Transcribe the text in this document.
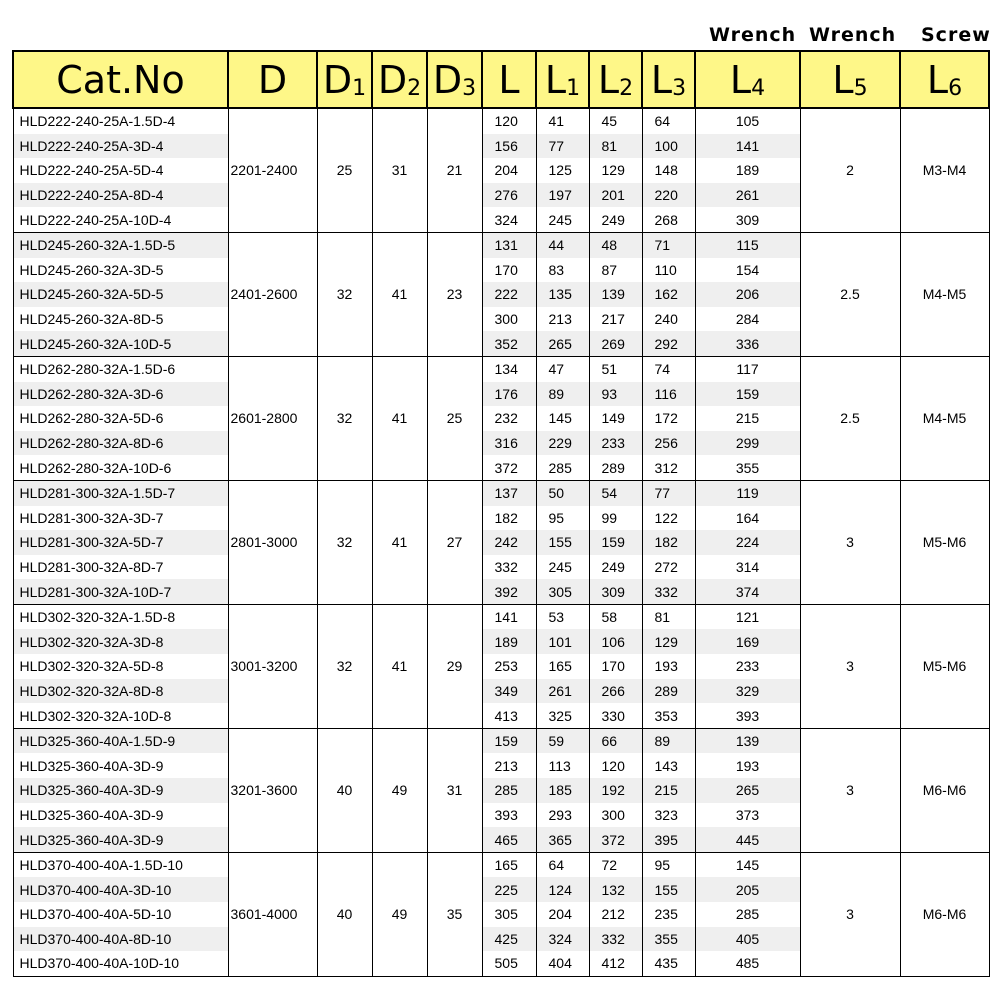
Wrench Wrench Screw
Cat.No	D	$D_1$	$D_2$	$D_3$	L	$L_1$	$L_2$	$L_3$	$L_4$	$L_5$	$L_6$
HLD222-240-25A-1.5D-4	2201-2400	25	31	21	120	41	45	64	105	2	M3-M4
HLD222-240-25A-3D-4					156	77	81	100	141		
HLD222-240-25A-5D-4					204	125	129	148	189		
HLD222-240-25A-8D-4					276	197	201	220	261		
HLD222-240-25A-10D-4					324	245	249	268	309		
HLD245-260-32A-1.5D-5	2401-2600	32	41	23	131	44	48	71	115	2.5	M4-M5
HLD245-260-32A-3D-5					170	83	87	110	154		
HLD245-260-32A-5D-5					222	135	139	162	206		
HLD245-260-32A-8D-5					300	213	217	240	284		
HLD245-260-32A-10D-5					352	265	269	292	336		
HLD262-280-32A-1.5D-6	2601-2800	32	41	25	134	47	51	74	117	2.5	M4-M5
HLD262-280-32A-3D-6					176	89	93	116	159		
HLD262-280-32A-5D-6					232	145	149	172	215		
HLD262-280-32A-8D-6					316	229	233	256	299		
HLD262-280-32A-10D-6					372	285	289	312	355		
HLD281-300-32A-1.5D-7	2801-3000	32	41	27	137	50	54	77	119	3	M5-M6
HLD281-300-32A-3D-7					182	95	99	122	164		
HLD281-300-32A-5D-7					242	155	159	182	224		
HLD281-300-32A-8D-7					332	245	249	272	314		
HLD281-300-32A-10D-7					392	305	309	332	374		
HLD302-320-32A-1.5D-8	3001-3200	32	41	29	141	53	58	81	121	3	M5-M6
HLD302-320-32A-3D-8					189	101	106	129	169		
HLD302-320-32A-5D-8					253	165	170	193	233		
HLD302-320-32A-8D-8					349	261	266	289	329		
HLD302-320-32A-10D-8					413	325	330	353	393		
HLD325-360-40A-1.5D-9	3201-3600	40	49	31	159	59	66	89	139	3	M6-M6
HLD325-360-40A-3D-9					213	113	120	143	193		
HLD325-360-40A-3D-9					285	185	192	215	265		
HLD325-360-40A-3D-9					393	293	300	323	373		
HLD325-360-40A-3D-9					465	365	372	395	445		
HLD370-400-40A-1.5D-10	3601-4000	40	49	35	165	64	72	95	145	3	M6-M6
HLD370-400-40A-3D-10					225	124	132	155	205		
HLD370-400-40A-5D-10					305	204	212	235	285		
HLD370-400-40A-8D-10					425	324	332	355	405		
HLD370-400-40A-10D-10					505	404	412	435	485		
